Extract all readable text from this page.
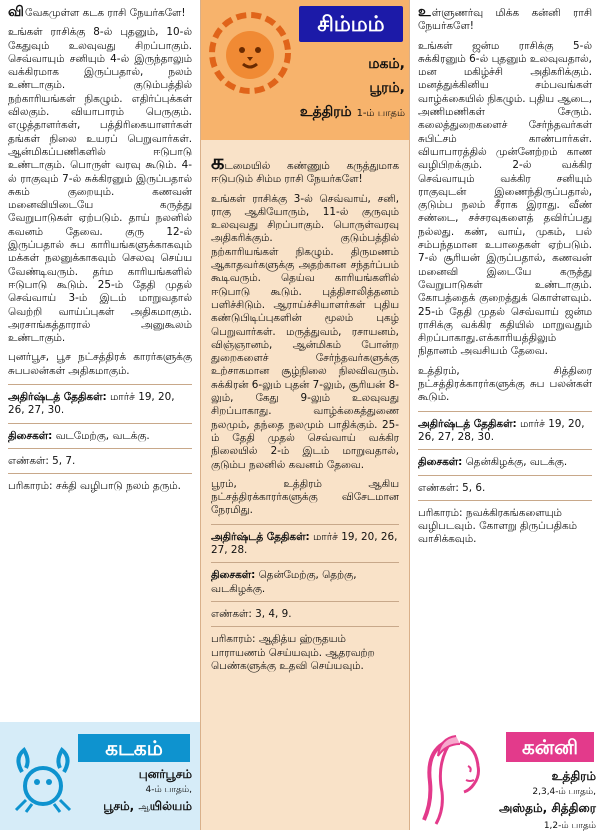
விவேகமுள்ள கடக ராசி நேயர்களே!

உங்கள் ராசிக்கு 8-ல் புதனும், 10-ல் கேதுவும் உலவுவது சிறப்பாகும். செவ்வாயும் சனியும் 4-ல் இருந்தாலும் வக்கிரமாக இருப்பதால், நலம் உண்டாகும். குடும்பத்தில் நற்காரியங்கள் நிகழும். எதிர்ப்புக்கள் விலகும். வியாபாரம் பெருகும். எழுத்தாளர்கள், பத்திரிகையாளர்கள் தங்கள் நிலை உயரப் பெறுவார்கள். ஆன்மிகப்பணிகளில் ஈடுபாடு உண்டாகும். பொருள் வரவு கூடும். 4-ல் ராகுவும் 7-ல் சுக்கிரனும் இருப்பதால் சுகம் குறையும். கணவன் மனைவியிடையே கருத்து வேறுபாடுகள் ஏற்படும். தாய் நலனில் கவனம் தேவை. குரு 12-ல் இருப்பதால் சுப காரியங்களுக்காகவும் மக்கள் நலனுக்காகவும் செலவு செய்ய வேண்டிவரும். தர்ம காரியங்களில் ஈடுபாடு கூடும். 25-ம் தேதி முதல் செவ்வாய் 3-ம் இடம் மாறுவதால் வெற்றி வாய்ப்புகள் அதிகமாகும். அரசாங்கத்தாரால் அனுகூலம் உண்டாகும்.

புனர்பூச, பூச நட்சத்திரக் காரர்களுக்கு சுபபலன்கள் அதிகமாகும்.

அதிர்ஷ்டத் தேதிகள்: மார்ச் 19, 20, 26, 27, 30.

திசைகள்: வடமேற்கு, வடக்கு.

எண்கள்: 5, 7.

பரிகாரம்: சக்தி வழிபாடு நலம் தரும்.

கடகம்
புனர்பூசம்
4-ம் பாதம்,
பூசம், ஆயில்யம்
சிம்மம்
மகம்,
பூரம்,
உத்திரம் 1-ம் பாதம்

கடமையில் கண்ணும் கருத்துமாக ஈடுபடும் சிம்ம ராசி நேயர்களே!

உங்கள் ராசிக்கு 3-ல் செவ்வாய், சனி, ராகு ஆகியோரும், 11-ல் குருவும் உலவுவது சிறப்பாகும். பொருள்வரவு அதிகரிக்கும். குடும்பத்தில் நற்காரியங்கள் நிகழும். திருமணம் ஆகாதவர்களுக்கு அதற்கான சந்தர்ப்பம் கூடிவரும். தெய்வ காரியங்களில் ஈடுபாடு கூடும். புத்திசாலித்தனம் பளிச்சிடும். ஆராய்ச்சியாளர்கள் புதிய கண்டுபிடிப்புகளின் மூலம் புகழ் பெறுவார்கள். மருத்துவம், ரசாயனம், விஞ்ஞானம், ஆன்மிகம் போன்ற துறைகளைச் சேர்ந்தவர்களுக்கு உற்சாகமான சூழ்நிலை நிலவிவரும். சுக்கிரன் 6-லும் புதன் 7-லும், சூரியன் 8-லும், கேது 9-லும் உலவுவது சிறப்பாகாது. வாழ்க்கைத்துணை நலமும், தந்தை நலமும் பாதிக்கும். 25-ம் தேதி முதல் செவ்வாய் வக்கிர நிலையில் 2-ம் இடம் மாறுவதால், குடும்ப நலனில் கவனம் தேவை.

பூரம், உத்திரம் ஆகிய நட்சத்திரக்காரர்களுக்கு விசேடமான நேரமிது.

அதிர்ஷ்டத் தேதிகள்: மார்ச் 19, 20, 26, 27, 28.

திசைகள்: தென்மேற்கு, தெற்கு, வடகிழக்கு.

எண்கள்: 3, 4, 9.

பரிகாரம்: ஆதித்ய ஹ்ருதயம் பாராயணம் செய்யவும். ஆதரவற்ற பெண்களுக்கு உதவி செய்யவும்.

உள்ளுணர்வு மிக்க கன்னி ராசி நேயர்களே!

உங்கள் ஜன்ம ராசிக்கு 5-ல் சுக்கிரனும் 6-ல் புதனும் உலவுவதால், மன மகிழ்ச்சி அதிகரிக்கும். மனத்துக்கினிய சம்பவங்கள் வாழ்க்கையில் நிகழும். புதிய ஆடை, அணிமணிகள் சேரும். கலைத்துறைகளைச் சேர்ந்தவர்கள் சுபிட்சம் காண்பார்கள். வியாபாரத்தில் முன்னேற்றம் காண வழிபிறக்கும். 2-ல் வக்கிர செவ்வாயும் வக்கிர சனியும் ராகுவுடன் இணைந்திருப்பதால், குடும்ப நலம் சீராக இராது. வீண் சண்டை, சச்சரவுகளைத் தவிர்ப்பது நல்லது. கண், வாய், முகம், பல் சம்பந்தமான உபாதைகள் ஏற்படும். 7-ல் சூரியன் இருப்பதால், கணவன் மனைவி இடையே கருத்து வேறுபாடுகள் உண்டாகும். கோபத்தைக் குறைத்துக் கொள்ளவும். 25-ம் தேதி முதல் செவ்வாய் ஜன்ம ராசிக்கு வக்கிர கதியில் மாறுவதும் சிறப்பாகாது.எக்காரியத்திலும் நிதானம் அவசியம் தேவை.

உத்திரம், சித்திரை நட்சத்திரக்காரர்களுக்கு சுப பலன்கள் கூடும்.

அதிர்ஷ்டத் தேதிகள்: மார்ச் 19, 20, 26, 27, 28, 30.

திசைகள்: தென்கிழக்கு, வடக்கு.

எண்கள்: 5, 6.

பரிகாரம்: நவக்கிரகங்களையும் வழிபடவும். கோளறு திருப்பதிகம் வாசிக்கவும்.

கன்னி
உத்திரம்
2,3,4-ம் பாதம்,
அஸ்தம், சித்திரை 1,2-ம் பாதம்
